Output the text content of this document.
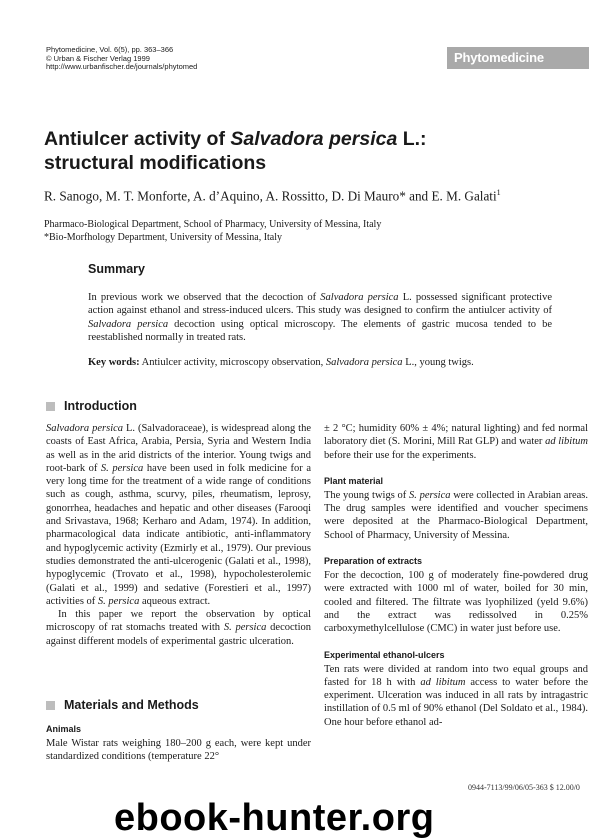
Phytomedicine, Vol. 6(5), pp. 363–366
© Urban & Fischer Verlag 1999
http://www.urbanfischer.de/journals/phytomed
Phytomedicine
Antiulcer activity of Salvadora persica L.:
structural modifications
R. Sanogo, M. T. Monforte, A. d’Aquino, A. Rossitto, D. Di Mauro* and E. M. Galati$^1$
Pharmaco-Biological Department, School of Pharmacy, University of Messina, Italy
*Bio-Morfhology Department, University of Messina, Italy
Summary
In previous work we observed that the decoction of Salvadora persica L. possessed significant protective action against ethanol and stress-induced ulcers. This study was designed to confirm the antiulcer activity of Salvadora persica decoction using optical microscopy. The elements of gastric mucosa tended to be reestablished normally in treated rats.
Key words: Antiulcer activity, microscopy observation, Salvadora persica L., young twigs.
Introduction

Salvadora persica L. (Salvadoraceae), is widespread along the coasts of East Africa, Arabia, Persia, Syria and Western India as well as in the arid districts of the interior. Young twigs and root-bark of S. persica have been used in folk medicine for a very long time for the treatment of a wide range of conditions such as cough, asthma, scurvy, piles, rheumatism, leprosy, gonorrhea, headaches and hepatic and other diseases (Farooqi and Srivastava, 1968; Kerharo and Adam, 1974). In addition, pharmacological data indicate antibiotic, anti-inflammatory and hypoglycemic activity (Ezmirly et al., 1979). Our previous studies demonstrated the anti-ulcerogenic (Galati et al., 1998), hypoglycemic (Trovato et al., 1998), hypocholesterolemic (Galati et al., 1999) and sedative (Forestieri et al., 1997) activities of S. persica aqueous extract.

In this paper we report the observation by optical microscopy of rat stomachs treated with S. persica decoction against different models of experimental gastric ulceration.

Materials and Methods
Animals

Male Wistar rats weighing 180–200 g each, were kept under standardized conditions (temperature 22°

± 2 °C; humidity 60% ± 4%; natural lighting) and fed normal laboratory diet (S. Morini, Mill Rat GLP) and water ad libitum before their use for the experiments.

Plant material

The young twigs of S. persica were collected in Arabian areas. The drug samples were identified and voucher specimens were deposited at the Pharmaco-Biological Department, School of Pharmacy, University of Messina.

Preparation of extracts

For the decoction, 100 g of moderately fine-powdered drug were extracted with 1000 ml of water, boiled for 30 min, cooled and filtered. The filtrate was lyophilized (yeld 9.6%) and the extract was redissolved in 0.25% carboxymethylcellulose (CMC) in water just before use.

Experimental ethanol-ulcers

Ten rats were divided at random into two equal groups and fasted for 18 h with ad libitum access to water before the experiment. Ulceration was induced in all rats by intragastric instillation of 0.5 ml of 90% ethanol (Del Soldato et al., 1984). One hour before ethanol ad-

0944-7113/99/06/05-363 $ 12.00/0
ebook-hunter.org
